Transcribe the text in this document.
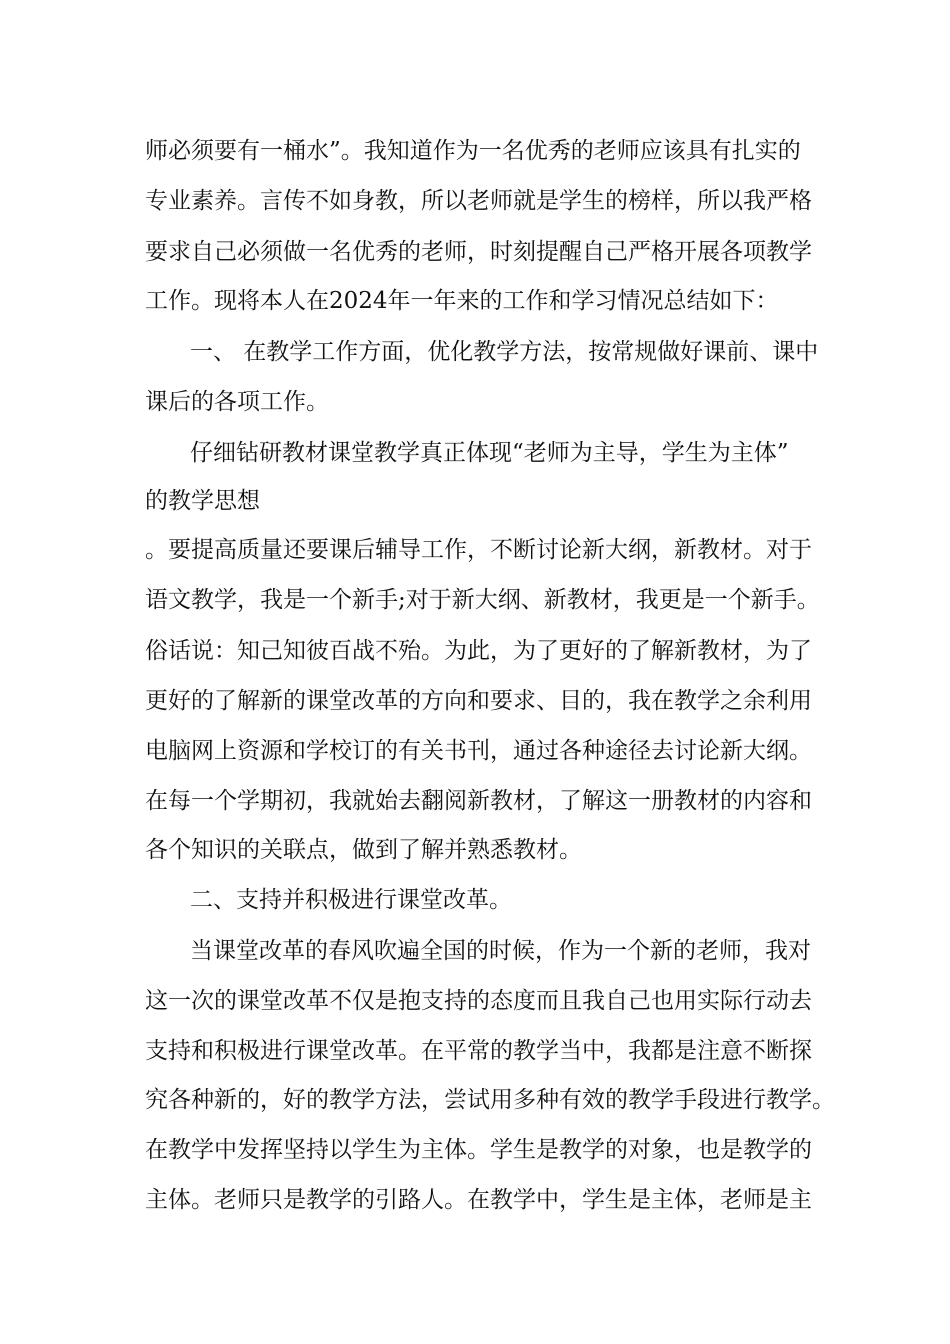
师必须要有一桶水”。我知道作为一名优秀的老师应该具有扎实的
专业素养。言传不如身教，所以老师就是学生的榜样，所以我严格
要求自己必须做一名优秀的老师，时刻提醒自己严格开展各项教学
工作。现将本人在2024年一年来的工作和学习情况总结如下：
一、 在教学工作方面，优化教学方法，按常规做好课前、课中
课后的各项工作。
仔细钻研教材课堂教学真正体现“老师为主导，学生为主体”
的教学思想
。要提高质量还要课后辅导工作，不断讨论新大纲，新教材。对于
语文教学，我是一个新手;对于新大纲、新教材，我更是一个新手。
俗话说：知己知彼百战不殆。为此，为了更好的了解新教材，为了
更好的了解新的课堂改革的方向和要求、目的，我在教学之余利用
电脑网上资源和学校订的有关书刊，通过各种途径去讨论新大纲。
在每一个学期初，我就始去翻阅新教材，了解这一册教材的内容和
各个知识的关联点，做到了解并熟悉教材。
二、支持并积极进行课堂改革。
当课堂改革的春风吹遍全国的时候，作为一个新的老师，我对
这一次的课堂改革不仅是抱支持的态度而且我自己也用实际行动去
支持和积极进行课堂改革。在平常的教学当中，我都是注意不断探
究各种新的，好的教学方法，尝试用多种有效的教学手段进行教学。
在教学中发挥坚持以学生为主体。学生是教学的对象，也是教学的
主体。老师只是教学的引路人。在教学中，学生是主体，老师是主
